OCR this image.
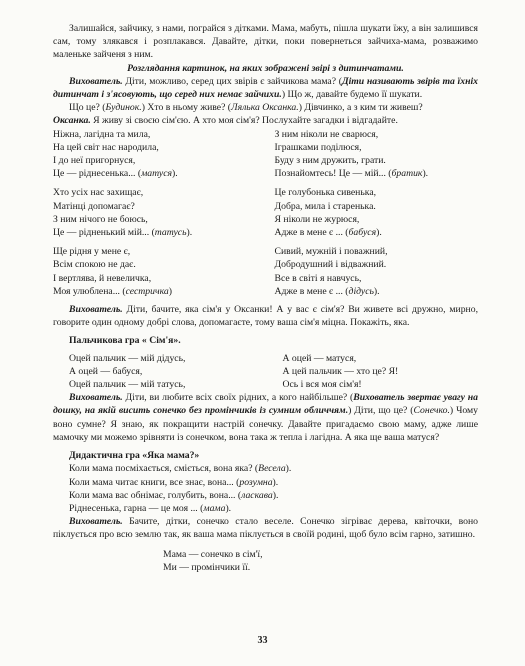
Залишайся, зайчику, з нами, пограйся з дітками. Мама, мабуть, пішла шукати їжу, а він залишився сам, тому злякався і розплакався. Давайте, дітки, поки повернеться зайчиха-мама, розважимо маленьке зайченя з ним.

Розглядання картинок, на яких зображені звірі з дитинчатами.

Вихователь. Діти, можливо, серед цих звірів є зайчикова мама? (Діти називають звірів та їхніх дитинчат і з'ясовують, що серед них немає зайчихи.) Що ж, давайте будемо її шукати.

Що це? (Будинок.) Хто в ньому живе? (Лялька Оксанка.) Дівчинко, а з ким ти живеш?
Оксанка. Я живу зі своєю сім'єю. А хто моя сім'я? Послухайте загадки і відгадайте.

Ніжна, лагідна та мила,
На цей світ нас народила,
І до неї пригорнуся,
Це — ріднесенька... (матуся).
З ним ніколи не сварюся,
Іграшками поділюся,
Буду з ним дружить, грати.
Познайомтесь! Це — мій... (братик).
Хто усіх нас захищає,
Матінці допомагає?
З ним нічого не боюсь,
Це — рідненький мій... (татусь).
Це голубонька сивенька,
Добра, мила і старенька.
Я ніколи не журюся,
Адже в мене є ... (бабуся).
Ще рідня у мене є,
Всім спокою не дає.
І вертлява, й невеличка,
Моя улюблена... (сестричка)
Сивий, мужній і поважний,
Добродушний і відважний.
Все в світі я навчусь,
Адже в мене є ... (дідусь).

Вихователь. Діти, бачите, яка сім'я у Оксанки! А у вас є сім'я? Ви живете всі дружно, мирно, говорите один одному добрі слова, допомагаєте, тому ваша сім'я міцна. Покажіть, яка.

Пальчикова гра « Сім'я».

Оцей пальчик — мій дідусь,
А оцей — бабуся,
Оцей пальчик — мій татусь,
А оцей — матуся,
А цей пальчик — хто це? Я!
Ось і вся моя сім'я!

Вихователь. Діти, ви любите всіх своїх рідних, а кого найбільше? (Вихователь звертає увагу на дошку, на якій висить сонечко без промінчиків із сумним обличчям.) Діти, що це? (Сонечко.) Чому воно сумне? Я знаю, як покращити настрій сонечку. Давайте пригадаємо свою маму, адже лише мамочку ми можемо зрівняти із сонечком, вона така ж тепла і лагідна. А яка ще ваша матуся?

Дидактична гра «Яка мама?»

Коли мама посміхається, сміється, вона яка? (Весела).
Коли мама читає книги, все знає, вона... (розумна).
Коли мама вас обнімає, голубить, вона... (ласкава).
Ріднесенька, гарна — це моя ... (мама).

Вихователь. Бачите, дітки, сонечко стало веселе. Сонечко зігріває дерева, квіточки, воно піклується про всю землю так, як ваша мама піклується в своїй родині, щоб було всім гарно, затишно.

Мама — сонечко в сім'ї,
Ми — промінчики її.
33
